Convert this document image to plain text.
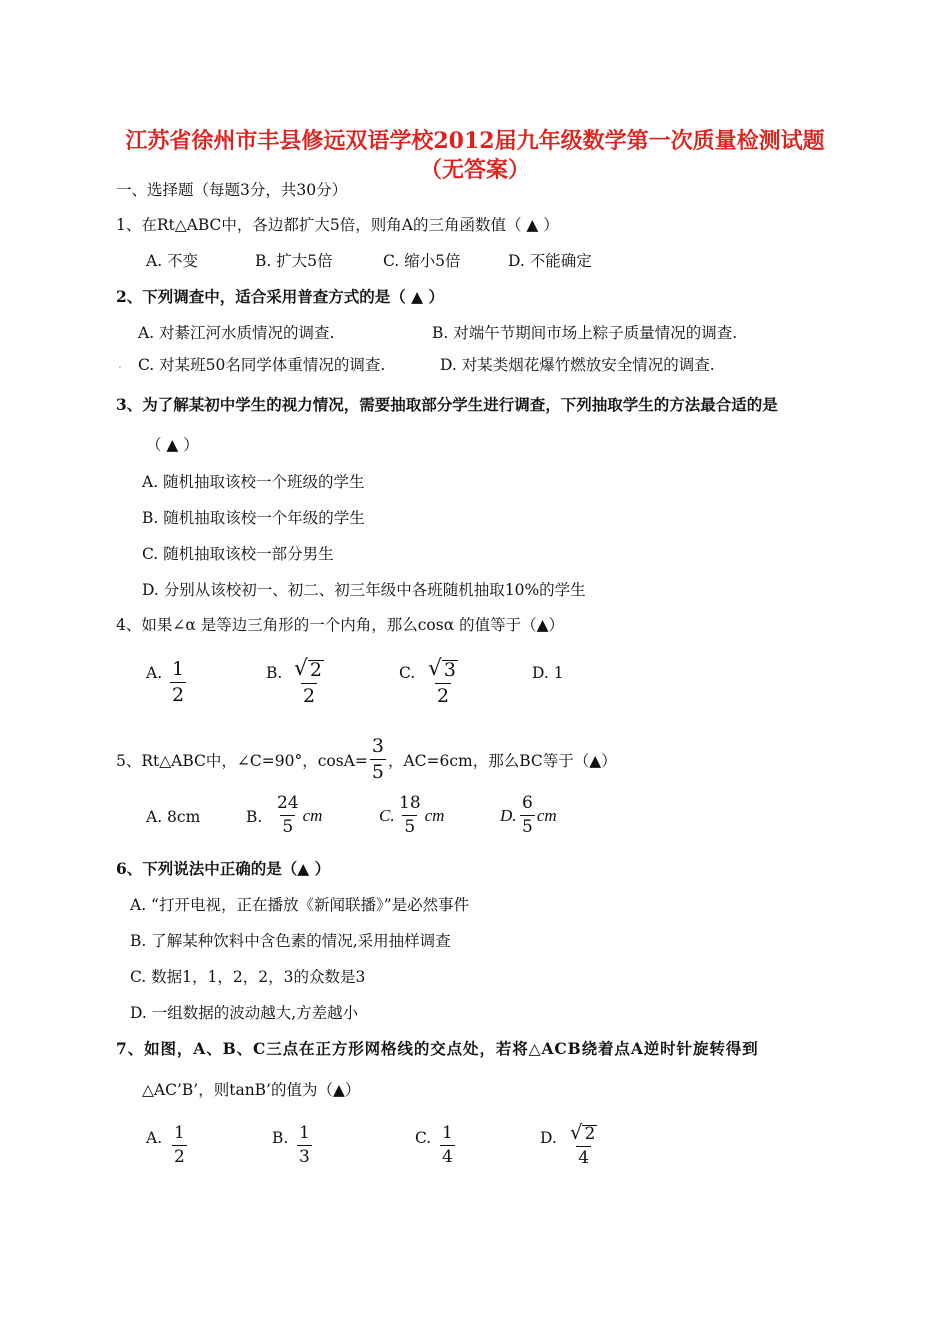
江苏省徐州市丰县修远双语学校2012届九年级数学第一次质量检测试题
（无答案）
一、选择题（每题3分，共30分）
1、在Rt△ABC中，各边都扩大5倍，则角A的三角函数值（ ▲ ）
A. 不变	B. 扩大5倍	C. 缩小5倍	D. 不能确定
2、下列调查中，适合采用普查方式的是（ ▲ ）
A. 对綦江河水质情况的调查.	B. 对端午节期间市场上粽子质量情况的调查.
. C. 对某班50名同学体重情况的调查.	D. 对某类烟花爆竹燃放安全情况的调查.
3、为了解某初中学生的视力情况，需要抽取部分学生进行调查，下列抽取学生的方法最合适的是
（ ▲ ）
A. 随机抽取该校一个班级的学生
B. 随机抽取该校一个年级的学生
C. 随机抽取该校一部分男生
D. 分别从该校初一、初二、初三年级中各班随机抽取10%的学生
4、如果∠α 是等边三角形的一个内角，那么cosα 的值等于（▲）
A. $\frac{1}{2}$	B. $\frac{√ 2}{2}$	C. $\frac{√ 3}{2}$	D. 1
5、Rt△ABC中，∠C=90°，$\cos A= \frac{3}{5}$ ，AC=6cm，那么BC等于（▲）
A. 8cm	B. $\frac{24}{5}$ cm	C. $\frac{18}{5}$ cm	D. $\frac{6}{5}$ cm
6、下列说法中正确的是（▲ ）
A. “打开电视，正在播放《新闻联播》”是必然事件
B. 了解某种饮料中含色素的情况,采用抽样调查
C. 数据1，1，2，2，3的众数是3
D. 一组数据的波动越大,方差越小
7、如图，A、B、C三点在正方形网格线的交点处，若将△ACB绕着点A逆时针旋转得到
△AC’B’，则tanB’的值为（▲）
A. $\frac{1}{2}$	B. $\frac{1}{3}$	C. $\frac{1}{4}$	D. $\frac{√ 2}{4}$
